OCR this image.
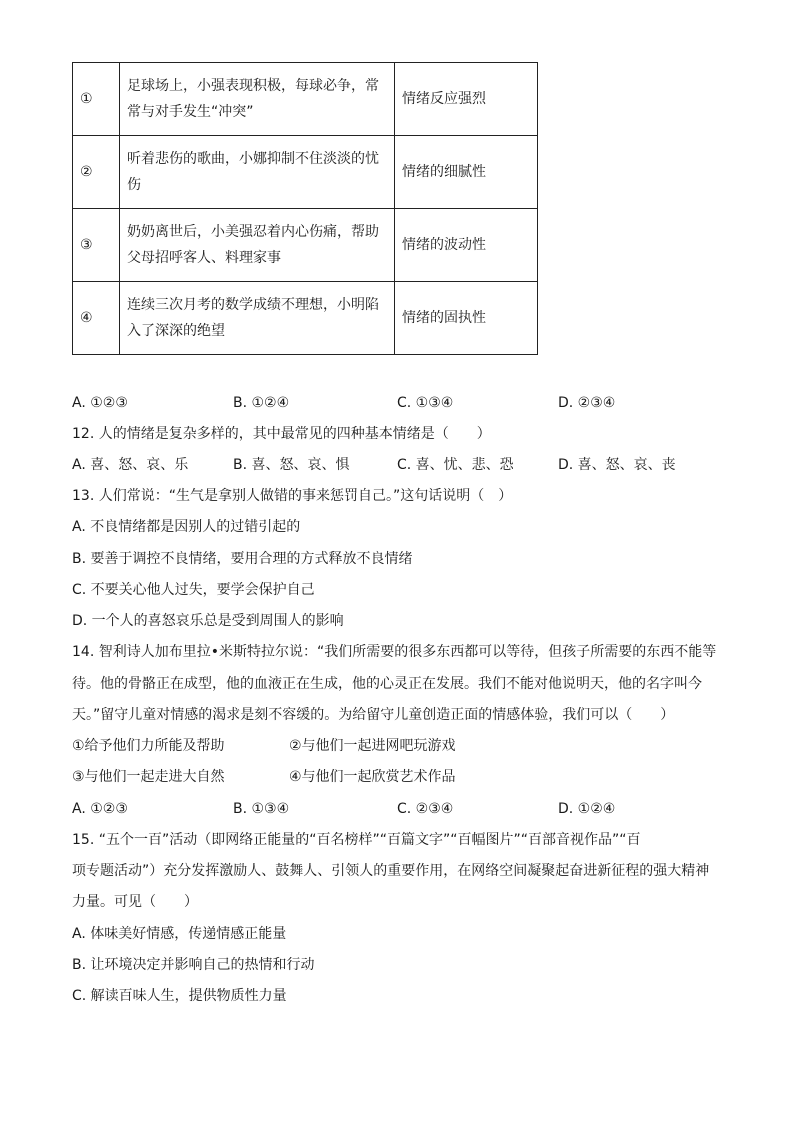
①	足球场上，小强表现积极，每球必争，常常与对手发生“冲突”	情绪反应强烈
②	听着悲伤的歌曲，小娜抑制不住淡淡的忧伤	情绪的细腻性
③	奶奶离世后，小美强忍着内心伤痛，帮助父母招呼客人、料理家事	情绪的波动性
④	连续三次月考的数学成绩不理想，小明陷入了深深的绝望	情绪的固执性
A. ①②③	B. ①②④	C. ①③④	D. ②③④
12. 人的情绪是复杂多样的，其中最常见的四种基本情绪是（　　）
A. 喜、怒、哀、乐	B. 喜、怒、哀、惧	C. 喜、忧、悲、恐	D. 喜、怒、哀、丧
13. 人们常说：“生气是拿别人做错的事来惩罚自己。”这句话说明（　）
A. 不良情绪都是因别人的过错引起的
B. 要善于调控不良情绪，要用合理的方式释放不良情绪
C. 不要关心他人过失，要学会保护自己
D. 一个人的喜怒哀乐总是受到周围人的影响
14. 智利诗人加布里拉•米斯特拉尔说：“我们所需要的很多东西都可以等待，但孩子所需要的东西不能等
待。他的骨骼正在成型，他的血液正在生成，他的心灵正在发展。我们不能对他说明天，他的名字叫今
天。”留守儿童对情感的渴求是刻不容缓的。为给留守儿童创造正面的情感体验，我们可以（　　）
①给予他们力所能及帮助	②与他们一起进网吧玩游戏
③与他们一起走进大自然	④与他们一起欣赏艺术作品
A. ①②③	B. ①③④	C. ②③④	D. ①②④
15. “五个一百”活动（即网络正能量的“百名榜样”“百篇文字”“百幅图片”“百部音视作品”“百
项专题活动”）充分发挥激励人、鼓舞人、引领人的重要作用，在网络空间凝聚起奋进新征程的强大精神
力量。可见（　　）
A. 体味美好情感，传递情感正能量
B. 让环境决定并影响自己的热情和行动
C. 解读百味人生，提供物质性力量
